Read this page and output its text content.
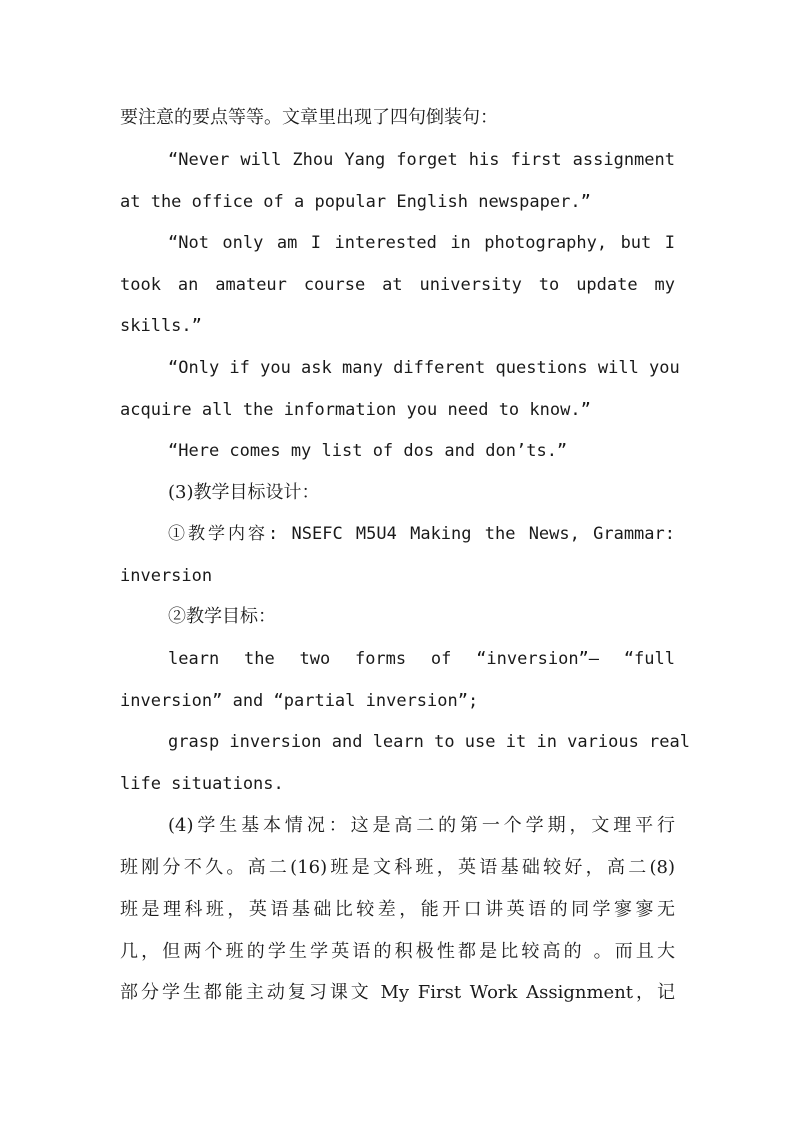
要注意的要点等等。文章里出现了四句倒装句：
“Never will Zhou Yang forget his first assignment
at the office of a popular English newspaper.”
“Not only am I interested in photography, but I
took an amateur course at university to update my
skills.”
“Only if you ask many different questions will you
acquire all the information you need to know.”
“Here comes my list of dos and don’ts.”
(3)教学目标设计：
①教学内容: NSEFC M5U4 Making the News, Grammar:
inversion
②教学目标：
learn the two forms of “inversion”— “full
inversion” and “partial inversion”;
grasp inversion and learn to use it in various real
life situations.
(4)学生基本情况：这是高二的第一个学期，文理平行
班刚分不久。高二(16)班是文科班，英语基础较好，高二(8)
班是理科班，英语基础比较差，能开口讲英语的同学寥寥无
几，但两个班的学生学英语的积极性都是比较高的 。而且大
部分学生都能主动复习课文 My First Work Assignment，记
